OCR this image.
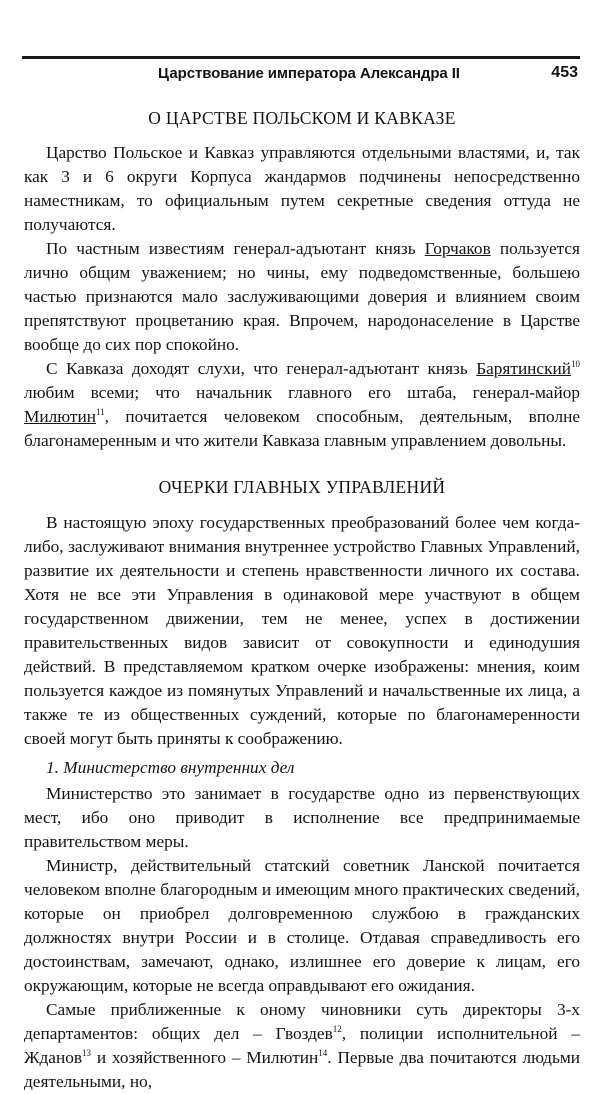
Царствование императора Александра II	453
О ЦАРСТВЕ ПОЛЬСКОМ И КАВКАЗЕ

Царство Польское и Кавказ управляются отдельными властями, и, так как 3 и 6 округи Корпуса жандармов подчинены непосредственно наместникам, то официальным путем секретные сведения оттуда не получаются.

По частным известиям генерал-адъютант князь Горчаков пользуется лично общим уважением; но чины, ему подведомственные, большею частью признаются мало заслуживающими доверия и влиянием своим препятствуют процветанию края. Впрочем, народонаселение в Царстве вообще до сих пор спокойно.

С Кавказа доходят слухи, что генерал-адъютант князь Барятинский$^{10}$ любим всеми; что начальник главного его штаба, генерал-майор Милютин$^{11}$, почитается человеком способным, деятельным, вполне благонамеренным и что жители Кавказа главным управлением довольны.

ОЧЕРКИ ГЛАВНЫХ УПРАВЛЕНИЙ

В настоящую эпоху государственных преобразований более чем когда-либо, заслуживают внимания внутреннее устройство Главных Управлений, развитие их деятельности и степень нравственности личного их состава. Хотя не все эти Управления в одинаковой мере участвуют в общем государственном движении, тем не менее, успех в достижении правительственных видов зависит от совокупности и единодушия действий. В представляемом кратком очерке изображены: мнения, коим пользуется каждое из помянутых Управлений и начальственные их лица, а также те из общественных суждений, которые по благонамеренности своей могут быть приняты к соображению.

1. Министерство внутренних дел

Министерство это занимает в государстве одно из первенствующих мест, ибо оно приводит в исполнение все предпринимаемые правительством меры.

Министр, действительный статский советник Ланской почитается человеком вполне благородным и имеющим много практических сведений, которые он приобрел долговременною службою в гражданских должностях внутри России и в столице. Отдавая справедливость его достоинствам, замечают, однако, излишнее его доверие к лицам, его окружающим, которые не всегда оправдывают его ожидания.

Самые приближенные к оному чиновники суть директоры 3-х департаментов: общих дел – Гвоздев$^{12}$, полиции исполнительной – Жданов$^{13}$ и хозяйственного – Милютин$^{14}$. Первые два почитаются людьми деятельными, но,
